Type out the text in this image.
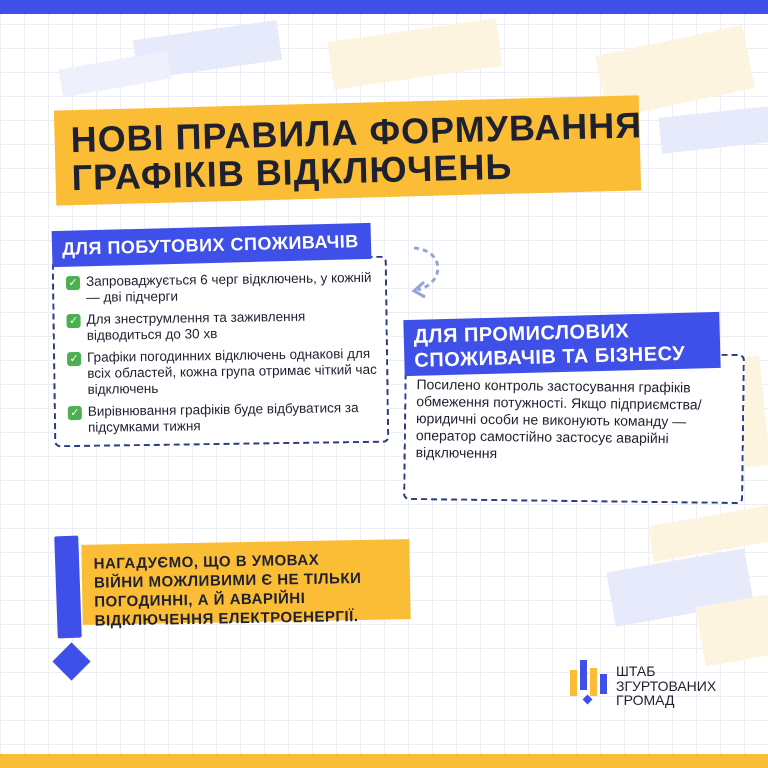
НОВІ ПРАВИЛА ФОРМУВАННЯ
ГРАФІКІВ ВІДКЛЮЧЕНЬ
✓ Запроваджується 6 черг відключень, у кожній — дві підчерги
✓ Для знеструмлення та заживлення відводиться до 30 хв
✓ Графіки погодинних відключень однакові для всіх областей, кожна група отримає чіткий час відключень
✓ Вирівнювання графіків буде відбуватися за підсумками тижня
ДЛЯ ПОБУТОВИХ СПОЖИВАЧІВ

Посилено контроль застосування графіків обмеження потужності. Якщо підприємства/юридичні особи не виконують команду — оператор самостійно застосує аварійні відключення

ДЛЯ ПРОМИСЛОВИХ
СПОЖИВАЧІВ ТА БІЗНЕСУ
НАГАДУЄМО, ЩО В УМОВАХ
ВІЙНИ МОЖЛИВИМИ Є НЕ ТІЛЬКИ
ПОГОДИННІ, А Й АВАРІЙНІ
ВІДКЛЮЧЕННЯ ЕЛЕКТРОЕНЕРГІЇ.
ШТАБ
ЗГУРТОВАНИХ
ГРОМАД
